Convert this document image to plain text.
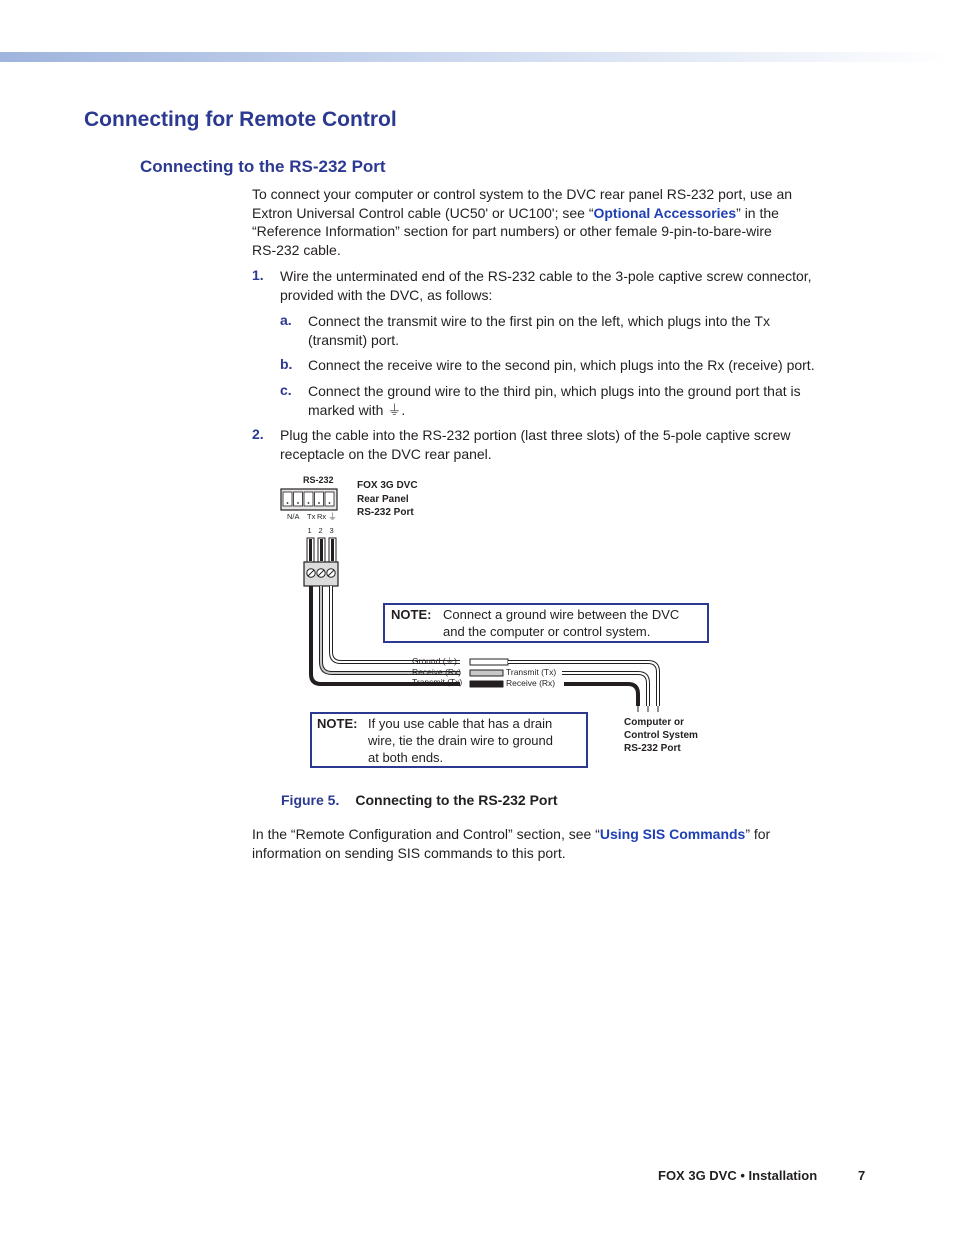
Connecting for Remote Control
Connecting to the RS-232 Port
To connect your computer or control system to the DVC rear panel RS-232 port, use an
Extron Universal Control cable (UC50' or UC100'; see “Optional Accessories” in the
“Reference Information” section for part numbers) or other female 9-pin-to-bare-wire
RS-232 cable.
1. Wire the unterminated end of the RS-232 cable to the 3-pole captive screw connector,
provided with the DVC, as follows:
a. Connect the transmit wire to the first pin on the left, which plugs into the Tx
(transmit) port.
b. Connect the receive wire to the second pin, which plugs into the Rx (receive) port.
c. Connect the ground wire to the third pin, which plugs into the ground port that is
marked with ⏚.
2. Plug the cable into the RS-232 portion (last three slots) of the 5-pole captive screw
receptacle on the DVC rear panel.
RS-232
N/A Tx Rx ⏚
1 2 3
FOX 3G DVC
Rear Panel
RS-232 Port
Ground (⏚)
Receive (Rx)
Transmit (Tx)
Transmit (Tx)
Receive (Rx)
Computer or
Control System
RS-232 Port
NOTE: Connect a ground wire between the DVC
and the computer or control system.
NOTE: If you use cable that has a drain
wire, tie the drain wire to ground
at both ends.
Figure 5. Connecting to the RS-232 Port
In the “Remote Configuration and Control” section, see “Using SIS Commands” for
information on sending SIS commands to this port.
FOX 3G DVC • Installation	7
